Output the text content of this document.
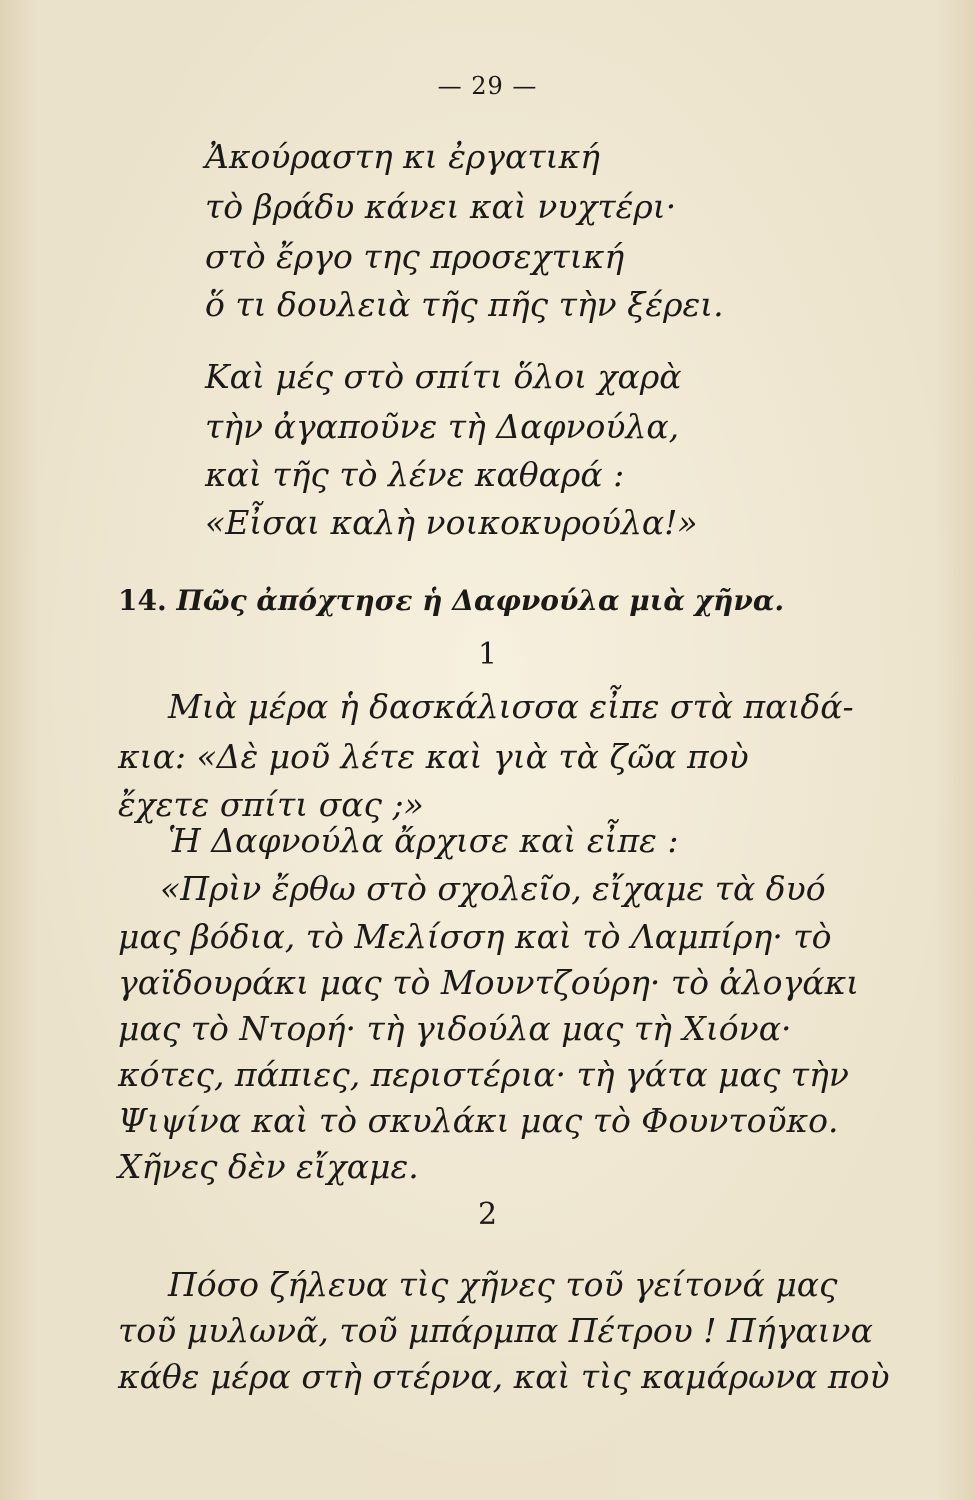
— 29 —
Ἀκούραστη κι ἐργατική
τὸ βράδυ κάνει καὶ νυχτέρι·
στὸ ἔργο της προσεχτική
ὅ τι δουλειὰ τῆς πῆς τὴν ξέρει.
Καὶ μές στὸ σπίτι ὅλοι χαρὰ
τὴν ἀγαποῦνε τὴ Δαφνούλα,
καὶ τῆς τὸ λένε καθαρά :
«Εἶσαι καλὴ νοικοκυρούλα!»
14. Πῶς ἀπόχτησε ἡ Δαφνούλα μιὰ χῆνα.
1
Μιὰ μέρα ἡ δασκάλισσα εἶπε στὰ παιδά-
κια: «Δὲ μοῦ λέτε καὶ γιὰ τὰ ζῶα ποὺ
ἔχετε σπίτι σας ;»
Ἡ Δαφνούλα ἄρχισε καὶ εἶπε :
«Πρὶν ἔρθω στὸ σχολεῖο, εἴχαμε τὰ δυό
μας βόδια, τὸ Μελίσση καὶ τὸ Λαμπίρη· τὸ
γαϊδουράκι μας τὸ Μουντζούρη· τὸ ἀλογάκι
μας τὸ Ντορή· τὴ γιδούλα μας τὴ Χιόνα·
κότες, πάπιες, περιστέρια· τὴ γάτα μας τὴν
Ψιψίνα καὶ τὸ σκυλάκι μας τὸ Φουντοῦκο.
Χῆνες δὲν εἴχαμε.
2
Πόσο ζήλευα τὶς χῆνες τοῦ γείτονά μας
τοῦ μυλωνᾶ, τοῦ μπάρμπα Πέτρου ! Πήγαινα
κάθε μέρα στὴ στέρνα, καὶ τὶς καμάρωνα ποὺ
